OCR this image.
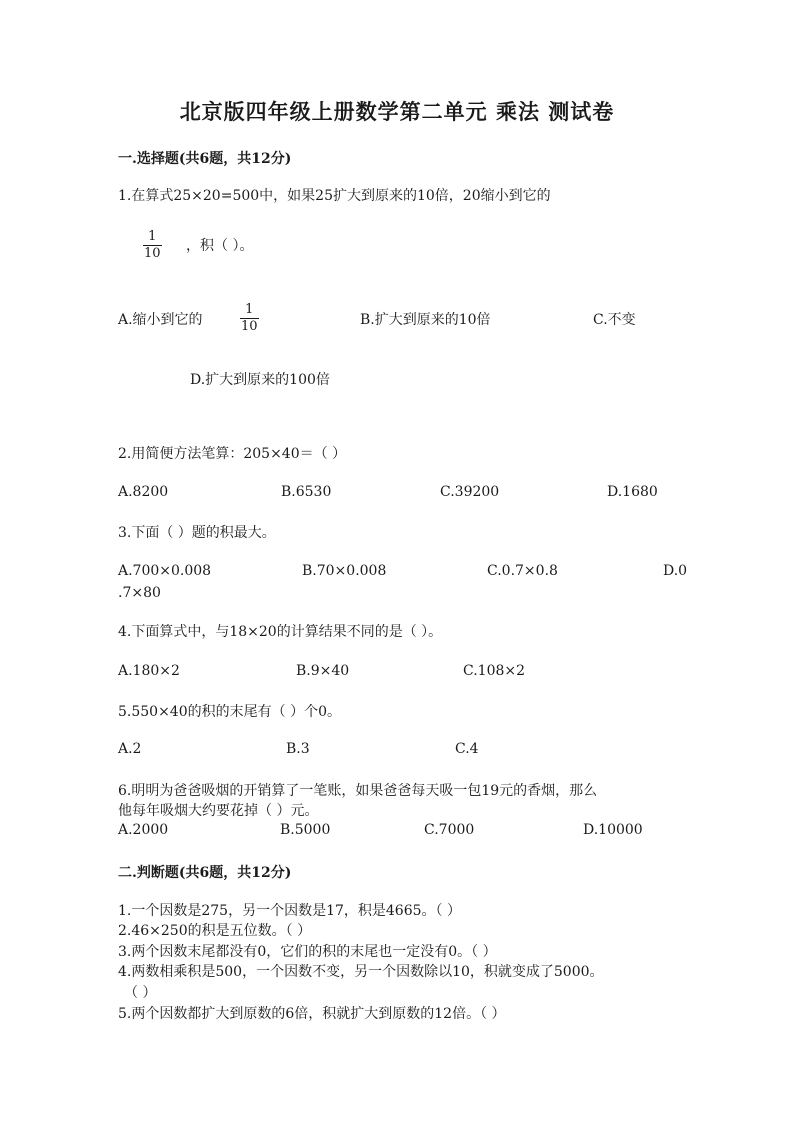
北京版四年级上册数学第二单元 乘法 测试卷
一.选择题(共6题，共12分)
1.在算式25×20=500中，如果25扩大到原来的10倍，20缩小到它的
1
10 ，积（ ）。
A.缩小到它的
1
10	B.扩大到原来的10倍	C.不变
D.扩大到原来的100倍
2.用简便方法笔算：205×40＝（ ）
A.8200	B.6530	C.39200	D.1680
3.下面（ ）题的积最大。
A.700×0.008	B.70×0.008	C.0.7×0.8	D.0
.7×80
4.下面算式中，与18×20的计算结果不同的是（ ）。
A.180×2	B.9×40	C.108×2
5.550×40的积的末尾有（ ）个0。
A.2	B.3	C.4
6.明明为爸爸吸烟的开销算了一笔账，如果爸爸每天吸一包19元的香烟，那么
他每年吸烟大约要花掉（ ）元。
A.2000	B.5000	C.7000	D.10000
二.判断题(共6题，共12分)
1.一个因数是275，另一个因数是17，积是4665。（ ）
2.46×250的积是五位数。（ ）
3.两个因数末尾都没有0，它们的积的末尾也一定没有0。（ ）
4.两数相乘积是500，一个因数不变，另一个因数除以10，积就变成了5000。
（ ）
5.两个因数都扩大到原数的6倍，积就扩大到原数的12倍。（ ）
